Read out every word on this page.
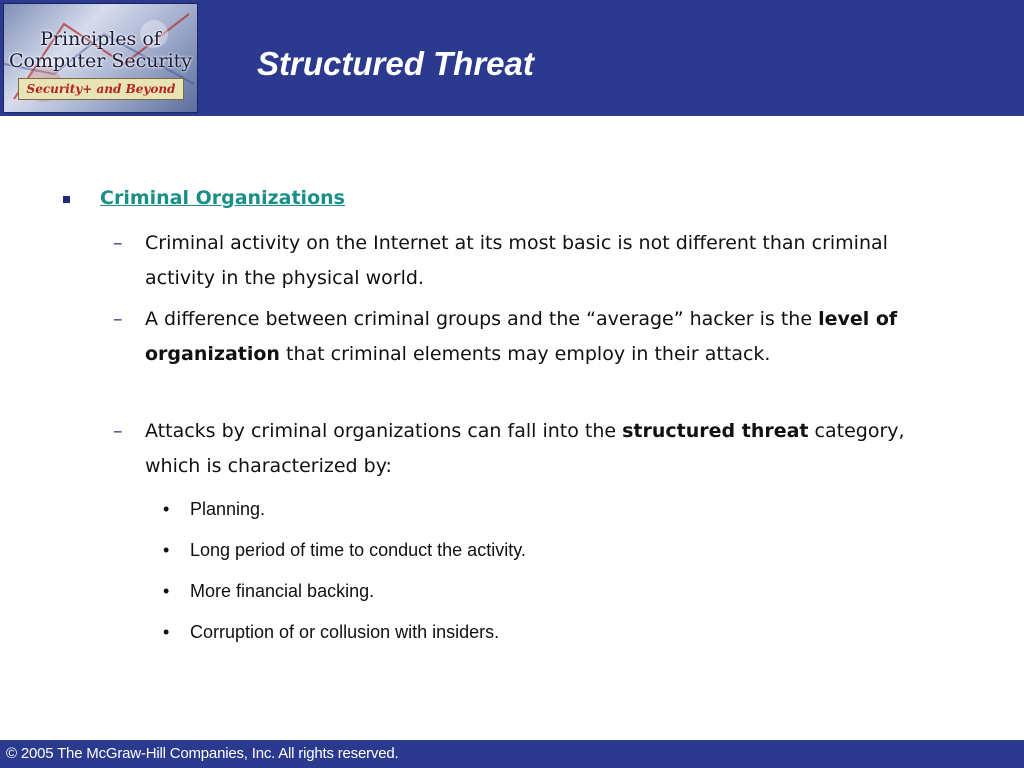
Principles of
Computer Security
Security+ and Beyond
Structured Threat
Criminal Organizations
– Criminal activity on the Internet at its most basic is not different than criminal activity in the physical world.
– A difference between criminal groups and the “average” hacker is the level of organization that criminal elements may employ in their attack.
– Attacks by criminal organizations can fall into the structured threat category, which is characterized by:
• Planning.
• Long period of time to conduct the activity.
• More financial backing.
• Corruption of or collusion with insiders.
© 2005 The McGraw-Hill Companies, Inc. All rights reserved.
